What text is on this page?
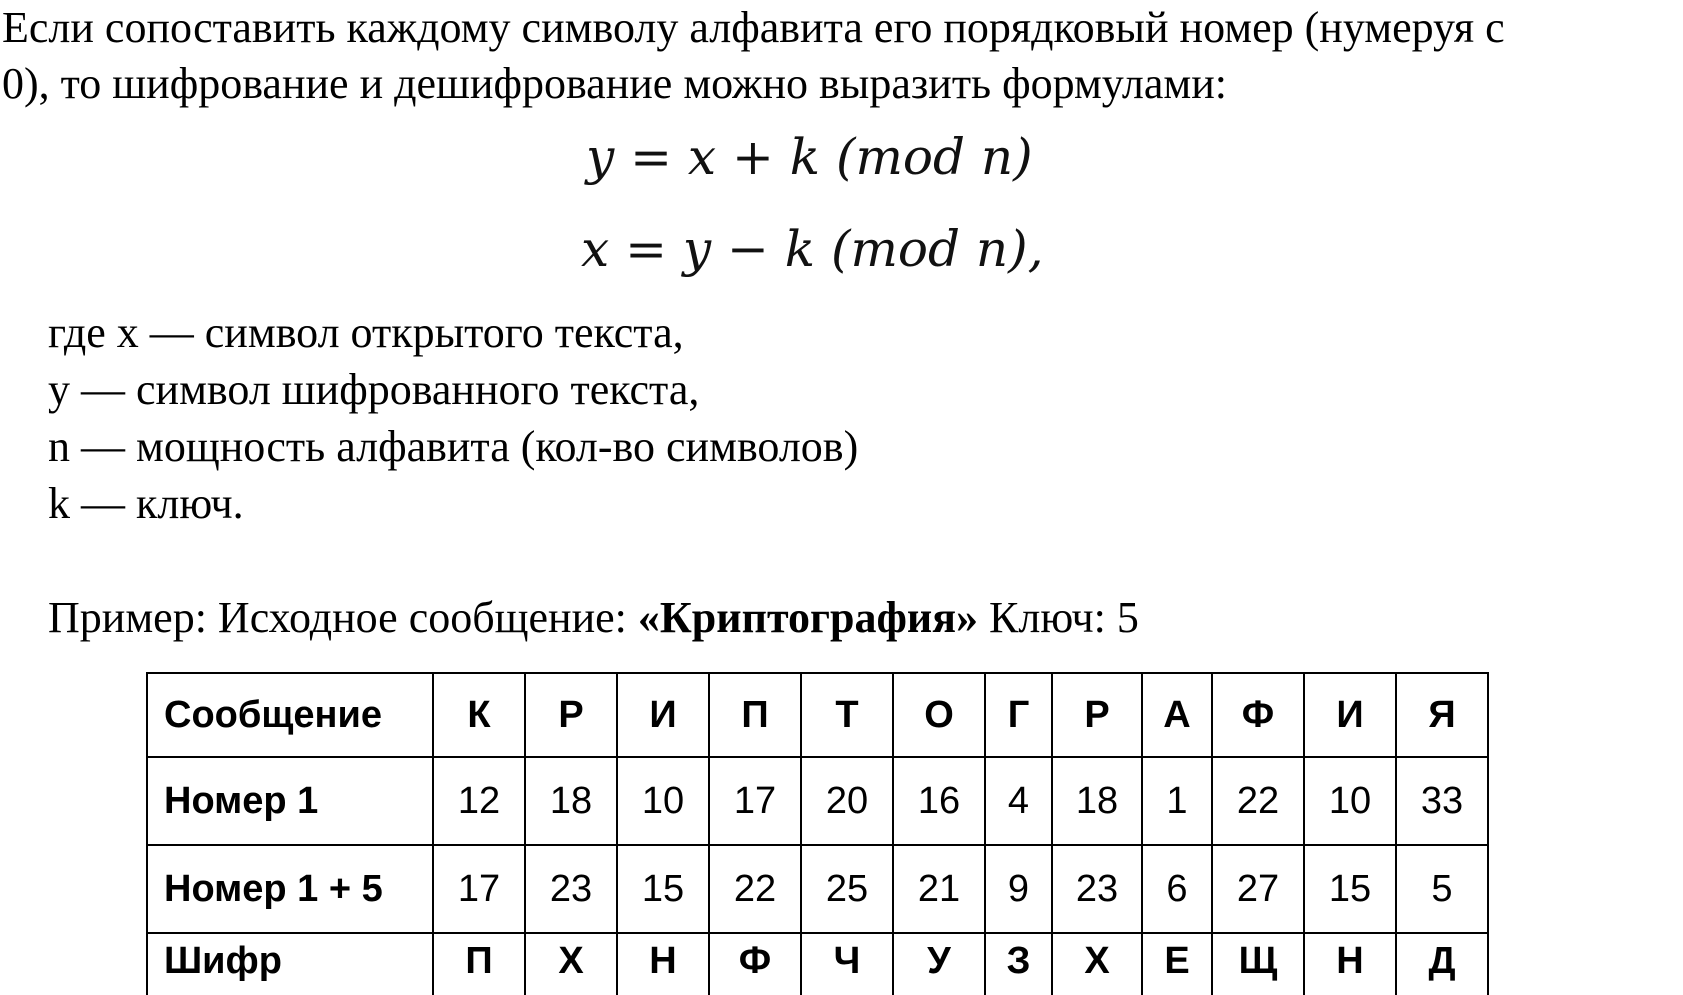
Если сопоставить каждому символу алфавита его порядковый номер (нумеруя с
0), то шифрование и дешифрование можно выразить формулами:
y = x + k (mod n)
x = y − k (mod n),
где x — символ открытого текста,
y — символ шифрованного текста,
n — мощность алфавита (кол-во символов)
k — ключ.
Пример: Исходное сообщение: «Криптография» Ключ: 5
Сообщение	К	Р	И	П	Т	О	Г	Р	А	Ф	И	Я
Номер 1	12	18	10	17	20	16	4	18	1	22	10	33
Номер 1 + 5	17	23	15	22	25	21	9	23	6	27	15	5
Шифр	П	Х	Н	Ф	Ч	У	З	Х	Е	Щ	Н	Д
